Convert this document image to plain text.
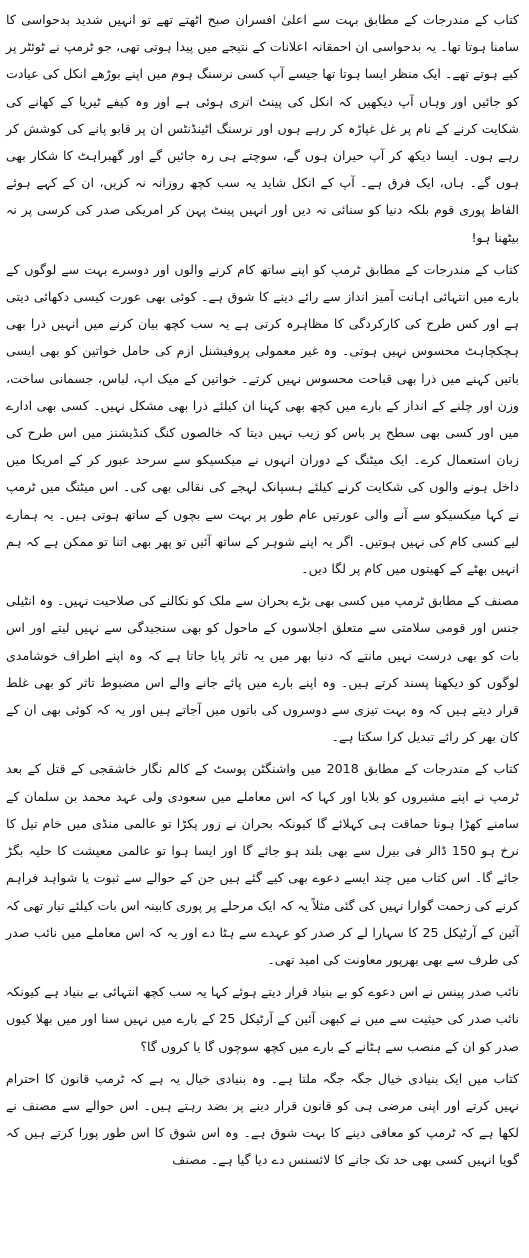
کتاب کے مندرجات کے مطابق بہت سے اعلیٰ افسران صبح اٹھتے تھے تو انہیں شدید بدحواسی کا سامنا ہوتا تھا۔ یہ بدحواسی ان احمقانہ اعلانات کے نتیجے میں پیدا ہوتی تھی، جو ٹرمپ نے ٹوئٹر پر کیے ہوتے تھے۔ ایک منظر ایسا ہوتا تھا جیسے آپ کسی نرسنگ ہوم میں اپنے بوڑھے انکل کی عیادت کو جائیں اور وہاں آپ دیکھیں کہ انکل کی پینٹ اتری ہوئی ہے اور وہ کیفے ٹیریا کے کھانے کی شکایت کرنے کے نام پر غل غپاڑہ کر رہے ہوں اور نرسنگ اٹینڈنٹس ان پر قابو پانے کی کوشش کر رہے ہوں۔ ایسا دیکھ کر آپ حیران ہوں گے، سوچتے ہی رہ جائیں گے اور گھبراہٹ کا شکار بھی ہوں گے۔ ہاں، ایک فرق ہے۔ آپ کے انکل شاید یہ سب کچھ روزانہ نہ کریں، ان کے کہے ہوئے الفاظ پوری قوم بلکہ دنیا کو سنائی نہ دیں اور انہیں پینٹ پہن کر امریکی صدر کی کرسی پر نہ بیٹھنا ہو!

کتاب کے مندرجات کے مطابق ٹرمپ کو اپنے ساتھ کام کرنے والوں اور دوسرے بہت سے لوگوں کے بارے میں انتہائی اہانت آمیز انداز سے رائے دینے کا شوق ہے۔ کوئی بھی عورت کیسی دکھائی دیتی ہے اور کس طرح کی کارکردگی کا مظاہرہ کرتی ہے یہ سب کچھ بیان کرنے میں انہیں ذرا بھی ہچکچاہٹ محسوس نہیں ہوتی۔ وہ غیر معمولی پروفیشنل ازم کی حامل خواتین کو بھی ایسی باتیں کہنے میں ذرا بھی قباحت محسوس نہیں کرتے۔ خواتین کے میک اپ، لباس، جسمانی ساخت، وزن اور چلنے کے انداز کے بارے میں کچھ بھی کہنا ان کیلئے ذرا بھی مشکل نہیں۔ کسی بھی ادارے میں اور کسی بھی سطح پر باس کو زیب نہیں دیتا کہ خالصوں کنگ کنڈیشنز میں اس طرح کی زبان استعمال کرے۔ ایک میٹنگ کے دوران انہوں نے میکسیکو سے سرحد عبور کر کے امریکا میں داخل ہونے والوں کی شکایت کرنے کیلئے ہسپانک لہجے کی نقالی بھی کی۔ اس میٹنگ میں ٹرمپ نے کہا میکسیکو سے آنے والی عورتیں عام طور پر بہت سے بچوں کے ساتھ ہوتی ہیں۔ یہ ہمارے لیے کسی کام کی نہیں ہوتیں۔ اگر یہ اپنے شوہر کے ساتھ آئیں تو پھر بھی اتنا تو ممکن ہے کہ ہم انہیں بھٹے کے کھیتوں میں کام پر لگا دیں۔

مصنف کے مطابق ٹرمپ میں کسی بھی بڑے بحران سے ملک کو نکالنے کی صلاحیت نہیں۔ وہ انٹیلی جنس اور قومی سلامتی سے متعلق اجلاسوں کے ماحول کو بھی سنجیدگی سے نہیں لیتے اور اس بات کو بھی درست نہیں مانتے کہ دنیا بھر میں یہ تاثر پایا جاتا ہے کہ وہ اپنے اطراف خوشامدی لوگوں کو دیکھنا پسند کرتے ہیں۔ وہ اپنے بارے میں پائے جانے والے اس مضبوط تاثر کو بھی غلط قرار دیتے ہیں کہ وہ بہت تیزی سے دوسروں کی باتوں میں آجاتے ہیں اور یہ کہ کوئی بھی ان کے کان بھر کر رائے تبدیل کرا سکتا ہے۔

کتاب کے مندرجات کے مطابق 2018 میں واشنگٹن پوسٹ کے کالم نگار خاشقجی کے قتل کے بعد ٹرمپ نے اپنے مشیروں کو بلایا اور کہا کہ اس معاملے میں سعودی ولی عہد محمد بن سلمان کے سامنے کھڑا ہونا حماقت ہی کہلائے گا کیونکہ بحران نے زور پکڑا تو عالمی منڈی میں خام تیل کا نرخ ہو 150 ڈالر فی بیرل سے بھی بلند ہو جائے گا اور ایسا ہوا تو عالمی معیشت کا حلیہ بگڑ جائے گا۔ اس کتاب میں چند ایسے دعوے بھی کیے گئے ہیں جن کے حوالے سے ثبوت یا شواہد فراہم کرنے کی زحمت گوارا نہیں کی گئی مثلاً یہ کہ ایک مرحلے پر پوری کابینہ اس بات کیلئے تیار تھی کہ آئین کے آرٹیکل 25 کا سہارا لے کر صدر کو عہدے سے ہٹا دے اور یہ کہ اس معاملے میں نائب صدر کی طرف سے بھی بھرپور معاونت کی امید تھی۔

نائب صدر پینس نے اس دعوے کو بے بنیاد قرار دیتے ہوئے کہا یہ سب کچھ انتہائی بے بنیاد ہے کیونکہ نائب صدر کی حیثیت سے میں نے کبھی آئین کے آرٹیکل 25 کے بارے میں نہیں سنا اور میں بھلا کیوں صدر کو ان کے منصب سے ہٹانے کے بارے میں کچھ سوچوں گا یا کروں گا؟

کتاب میں ایک بنیادی خیال جگہ جگہ ملتا ہے۔ وہ بنیادی خیال یہ ہے کہ ٹرمپ قانون کا احترام نہیں کرتے اور اپنی مرضی ہی کو قانون قرار دینے پر بضد رہتے ہیں۔ اس حوالے سے مصنف نے لکھا ہے کہ ٹرمپ کو معافی دینے کا بہت شوق ہے۔ وہ اس شوق کا اس طور پورا کرتے ہیں کہ گویا انہیں کسی بھی حد تک جانے کا لائسنس دے دیا گیا ہے۔ مصنف
